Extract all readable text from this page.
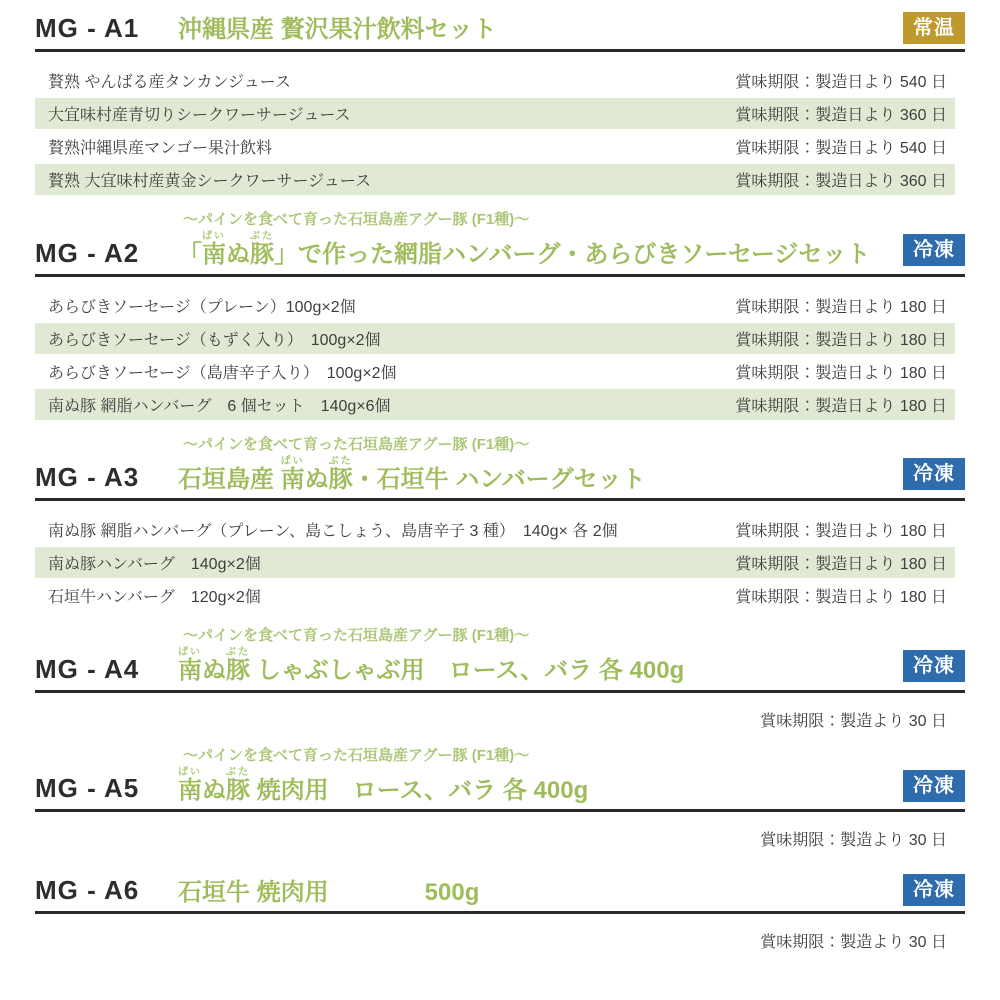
MG - A1	沖縄県産 贅沢果汁飲料セット	常温
贅熟 やんばる産タンカンジュース	賞味期限：製造日より 540 日
大宜味村産青切りシークワーサージュース	賞味期限：製造日より 360 日
贅熟沖縄県産マンゴー果汁飲料	賞味期限：製造日より 540 日
贅熟 大宜味村産黄金シークワーサージュース	賞味期限：製造日より 360 日
～パインを食べて育った石垣島産アグー豚 (F1種)～
MG - A2	「南ぱいぬ豚ぶた」で作った網脂ハンバーグ・あらびきソーセージセット	冷凍
あらびきソーセージ（プレーン）100g×2個	賞味期限：製造日より 180 日
あらびきソーセージ（もずく入り）　100g×2個	賞味期限：製造日より 180 日
あらびきソーセージ（島唐辛子入り）　100g×2個	賞味期限：製造日より 180 日
南ぬ豚 網脂ハンバーグ　6 個セット　140g×6個	賞味期限：製造日より 180 日
～パインを食べて育った石垣島産アグー豚 (F1種)～
MG - A3	石垣島産 南ぱいぬ豚ぶた・石垣牛 ハンバーグセット	冷凍
南ぬ豚 網脂ハンバーグ（プレーン、島こしょう、島唐辛子 3 種）　140g× 各 2個	賞味期限：製造日より 180 日
南ぬ豚ハンバーグ　140g×2個	賞味期限：製造日より 180 日
石垣牛ハンバーグ　120g×2個	賞味期限：製造日より 180 日
～パインを食べて育った石垣島産アグー豚 (F1種)～
MG - A4	南ぱいぬ豚ぶた しゃぶしゃぶ用　ロース、バラ 各 400g	冷凍
賞味期限：製造より 30 日
～パインを食べて育った石垣島産アグー豚 (F1種)～
MG - A5	南ぱいぬ豚ぶた 焼肉用　ロース、バラ 各 400g	冷凍
賞味期限：製造より 30 日
MG - A6	石垣牛 焼肉用　　　　500g	冷凍
賞味期限：製造より 30 日
